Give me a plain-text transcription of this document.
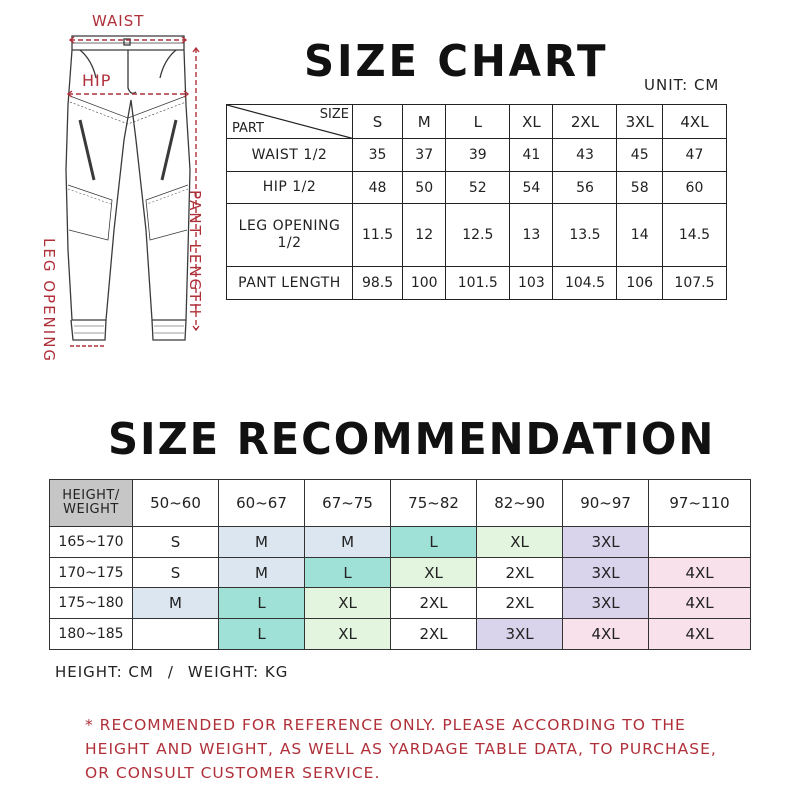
WAIST
HIP
PANT LENGTH
LEG OPENING
SIZE CHART UNIT: CM
SIZE
PART	S	M	L	XL	2XL	3XL	4XL
WAIST 1/2	35	37	39	41	43	45	47
HIP 1/2	48	50	52	54	56	58	60
LEG OPENING 1/2	11.5	12	12.5	13	13.5	14	14.5
PANT LENGTH	98.5	100	101.5	103	104.5	106	107.5
SIZE RECOMMENDATION
HEIGHT/
WEIGHT	50~60	60~67	67~75	75~82	82~90	90~97	97~110
165~170	S	M	M	L	XL	3XL	
170~175	S	M	L	XL	2XL	3XL	4XL
175~180	M	L	XL	2XL	2XL	3XL	4XL
180~185		L	XL	2XL	3XL	4XL	4XL
HEIGHT: CM / WEIGHT: KG
* RECOMMENDED FOR REFERENCE ONLY. PLEASE ACCORDING TO THE HEIGHT AND WEIGHT, AS WELL AS YARDAGE TABLE DATA, TO PURCHASE, OR CONSULT CUSTOMER SERVICE.
